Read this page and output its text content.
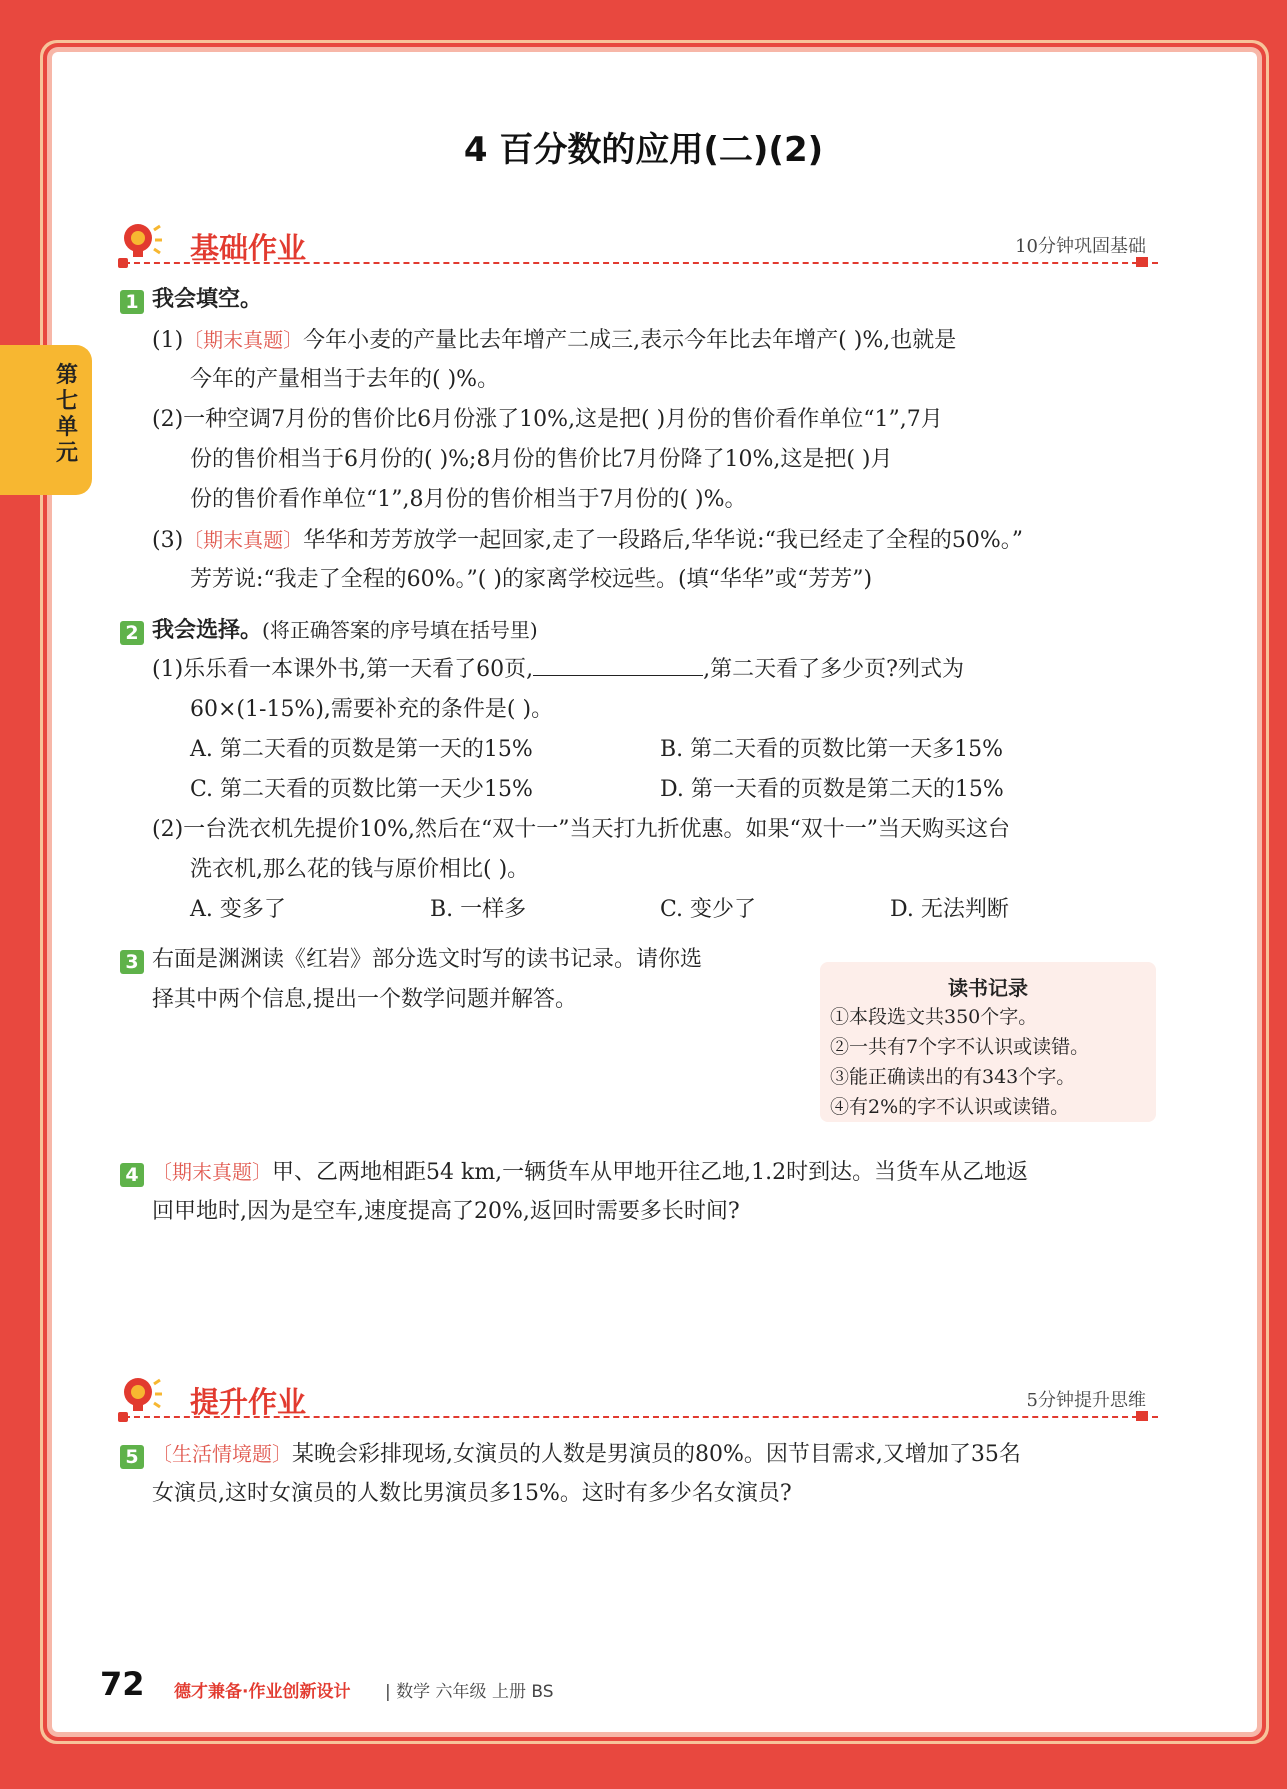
第七单元
4 百分数的应用(二)(2)
基础作业	10分钟巩固基础
1 我会填空。
(1)〔期末真题〕今年小麦的产量比去年增产二成三,表示今年比去年增产( )%,也就是
今年的产量相当于去年的( )%。
(2)一种空调7月份的售价比6月份涨了10%,这是把( )月份的售价看作单位“1”,7月
份的售价相当于6月份的( )%;8月份的售价比7月份降了10%,这是把( )月
份的售价看作单位“1”,8月份的售价相当于7月份的( )%。
(3)〔期末真题〕华华和芳芳放学一起回家,走了一段路后,华华说:“我已经走了全程的50%。”
芳芳说:“我走了全程的60%。”( )的家离学校远些。(填“华华”或“芳芳”)
2 我会选择。(将正确答案的序号填在括号里)
(1)乐乐看一本课外书,第一天看了60页,	,第二天看了多少页?列式为
60×(1-15%),需要补充的条件是( )。
A. 第二天看的页数是第一天的15%	B. 第二天看的页数比第一天多15%
C. 第二天看的页数比第一天少15%	D. 第一天看的页数是第二天的15%
(2)一台洗衣机先提价10%,然后在“双十一”当天打九折优惠。如果“双十一”当天购买这台
洗衣机,那么花的钱与原价相比( )。
A. 变多了	B. 一样多	C. 变少了	D. 无法判断
3 右面是渊渊读《红岩》部分选文时写的读书记录。请你选
择其中两个信息,提出一个数学问题并解答。	读书记录
①本段选文共350个字。
②一共有7个字不认识或读错。
③能正确读出的有343个字。
④有2%的字不认识或读错。
4 〔期末真题〕甲、乙两地相距54 km,一辆货车从甲地开往乙地,1.2时到达。当货车从乙地返
回甲地时,因为是空车,速度提高了20%,返回时需要多长时间?
提升作业	5分钟提升思维
5 〔生活情境题〕某晚会彩排现场,女演员的人数是男演员的80%。因节目需求,又增加了35名
女演员,这时女演员的人数比男演员多15%。这时有多少名女演员?
72 德才兼备·作业创新设计 | 数学 六年级 上册 BS
